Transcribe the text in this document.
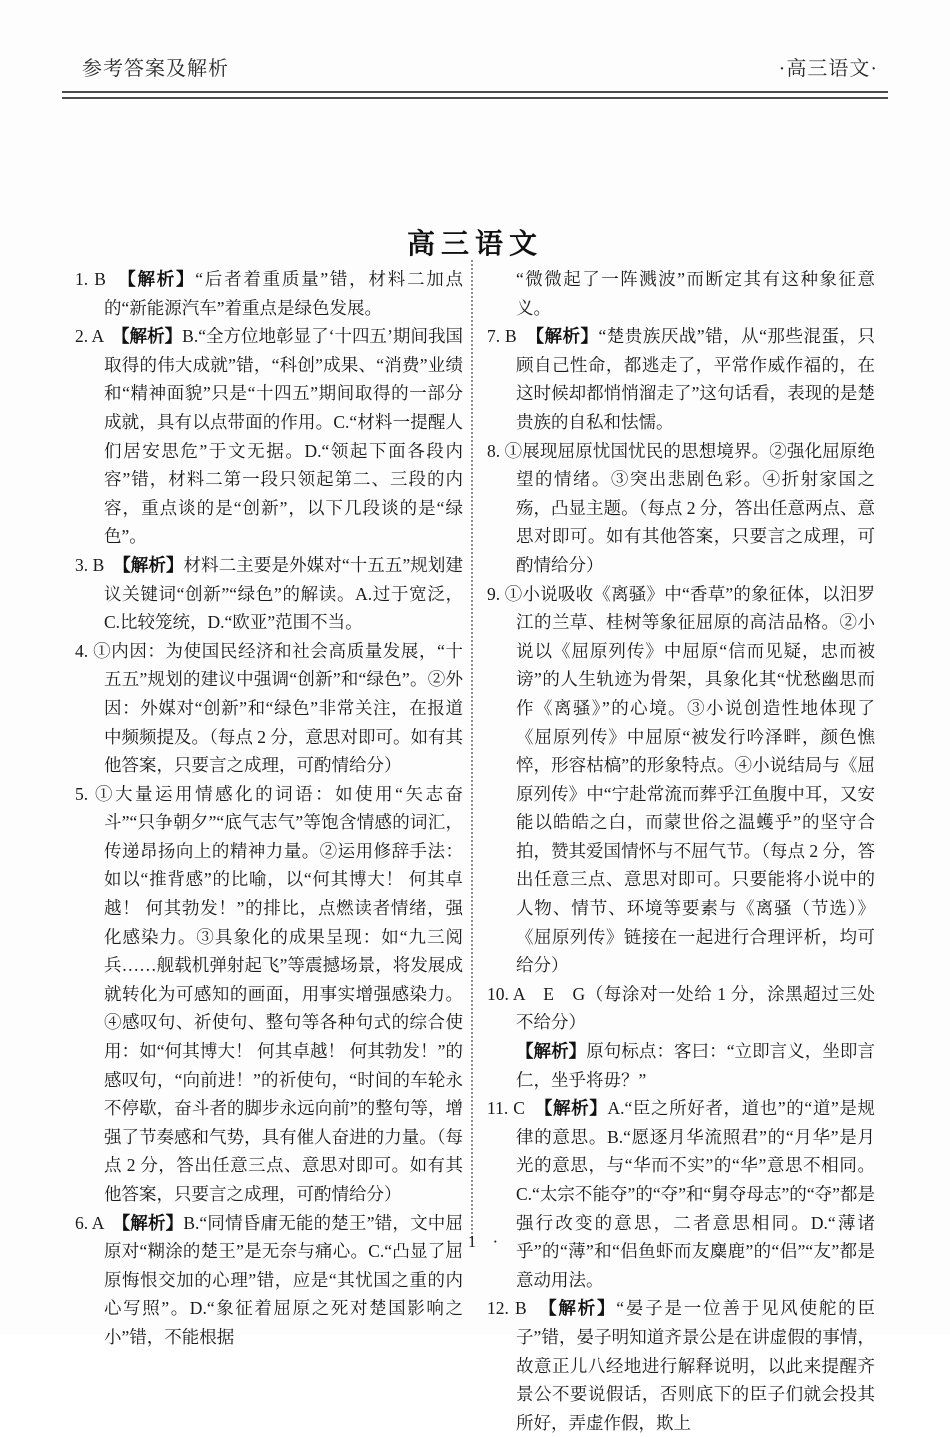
参考答案及解析	·高三语文·
高三语文

1. B　【解析】“后者着重质量”错，材料二加点的“新能源汽车”着重点是绿色发展。

2. A　【解析】B.“全方位地彰显了‘十四五’期间我国取得的伟大成就”错，“科创”成果、“消费”业绩和“精神面貌”只是“十四五”期间取得的一部分成就，具有以点带面的作用。C.“材料一提醒人们居安思危”于文无据。D.“领起下面各段内容”错，材料二第一段只领起第二、三段的内容，重点谈的是“创新”，以下几段谈的是“绿色”。

3. B　【解析】材料二主要是外媒对“十五五”规划建议关键词“创新”“绿色”的解读。A.过于宽泛，C.比较笼统，D.“欧亚”范围不当。

4. ①内因：为使国民经济和社会高质量发展，“十五五”规划的建议中强调“创新”和“绿色”。②外因：外媒对“创新”和“绿色”非常关注，在报道中频频提及。（每点 2 分，意思对即可。如有其他答案，只要言之成理，可酌情给分）

5. ①大量运用情感化的词语：如使用“矢志奋斗”“只争朝夕”“底气志气”等饱含情感的词汇，传递昂扬向上的精神力量。②运用修辞手法：如以“推背感”的比喻，以“何其博大！ 何其卓越！ 何其勃发！”的排比，点燃读者情绪，强化感染力。③具象化的成果呈现：如“九三阅兵……舰载机弹射起飞”等震撼场景，将发展成就转化为可感知的画面，用事实增强感染力。④感叹句、祈使句、整句等各种句式的综合使用：如“何其博大！ 何其卓越！ 何其勃发！”的感叹句，“向前进！”的祈使句，“时间的车轮永不停歇，奋斗者的脚步永远向前”的整句等，增强了节奏感和气势，具有催人奋进的力量。（每点 2 分，答出任意三点、意思对即可。如有其他答案，只要言之成理，可酌情给分）

6. A　【解析】B.“同情昏庸无能的楚王”错，文中屈原对“糊涂的楚王”是无奈与痛心。C.“凸显了屈原悔恨交加的心理”错，应是“其忧国之重的内心写照”。D.“象征着屈原之死对楚国影响之小”错，不能根据

“微微起了一阵溅波”而断定其有这种象征意义。

7. B　【解析】“楚贵族厌战”错，从“那些混蛋，只顾自己性命，都逃走了，平常作威作福的，在这时候却都悄悄溜走了”这句话看，表现的是楚贵族的自私和怯懦。

8. ①展现屈原忧国忧民的思想境界。②强化屈原绝望的情绪。③突出悲剧色彩。④折射家国之殇，凸显主题。（每点 2 分，答出任意两点、意思对即可。如有其他答案，只要言之成理，可酌情给分）

9. ①小说吸收《离骚》中“香草”的象征体，以汨罗江的兰草、桂树等象征屈原的高洁品格。②小说以《屈原列传》中屈原“信而见疑，忠而被谤”的人生轨迹为骨架，具象化其“忧愁幽思而作《离骚》”的心境。③小说创造性地体现了《屈原列传》中屈原“被发行吟泽畔，颜色憔悴，形容枯槁”的形象特点。④小说结局与《屈原列传》中“宁赴常流而葬乎江鱼腹中耳，又安能以皓皓之白，而蒙世俗之温蠖乎”的坚守合拍，赞其爱国情怀与不屈气节。（每点 2 分，答出任意三点、意思对即可。只要能将小说中的人物、情节、环境等要素与《离骚（节选）》《屈原列传》链接在一起进行合理评析，均可给分）

10. A　E　G（每涂对一处给 1 分，涂黑超过三处不给分）

【解析】原句标点：客曰：“立即言义，坐即言仁，坐乎将毋？”

11. C　【解析】A.“臣之所好者，道也”的“道”是规律的意思。B.“愿逐月华流照君”的“月华”是月光的意思，与“华而不实”的“华”意思不相同。C.“太宗不能夺”的“夺”和“舅夺母志”的“夺”都是强行改变的意思，二者意思相同。D.“薄诸乎”的“薄”和“侣鱼虾而友麋鹿”的“侣”“友”都是意动用法。

12. B　【解析】“晏子是一位善于见风使舵的臣子”错，晏子明知道齐景公是在讲虚假的事情，故意正儿八经地进行解释说明，以此来提醒齐景公不要说假话，否则底下的臣子们就会投其所好，弄虚作假，欺上

· 1 ·
